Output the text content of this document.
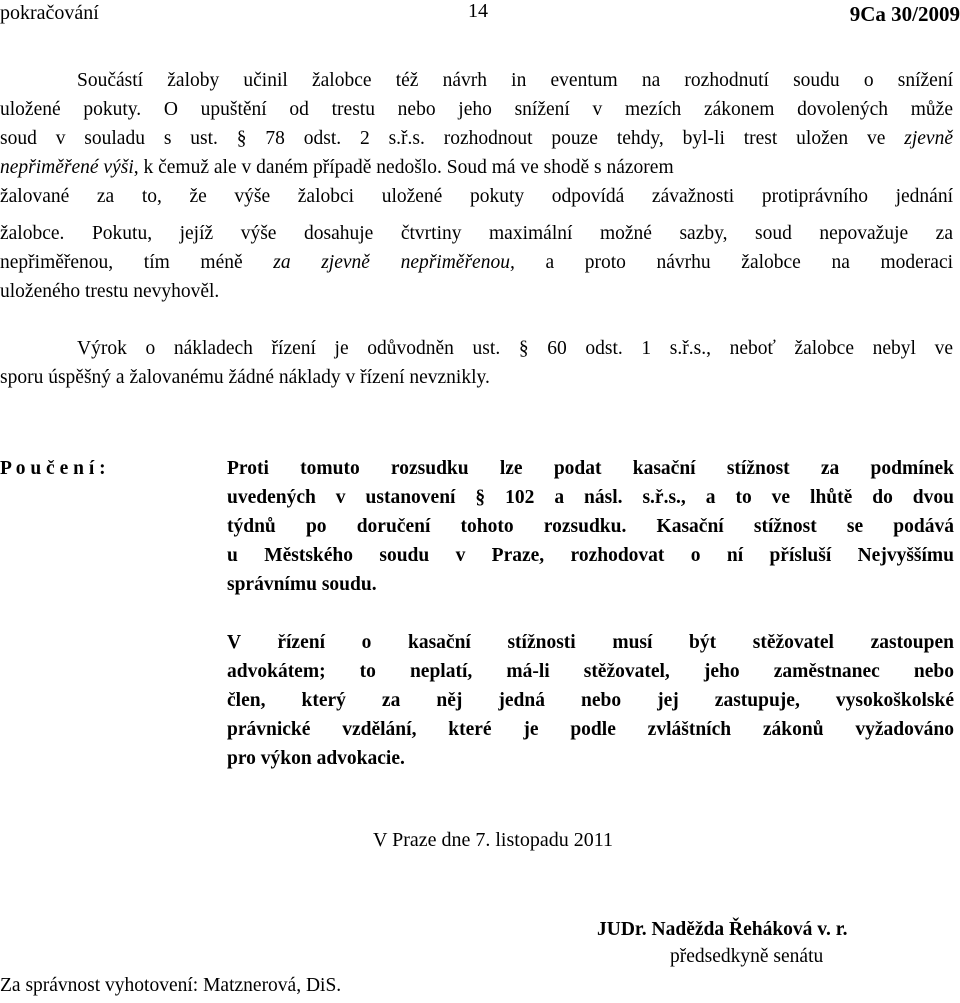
pokračování	14	9Ca 30/2009
Součástí žaloby učinil žalobce též návrh in eventum na rozhodnutí soudu o snížení
uložené pokuty. O upuštění od trestu nebo jeho snížení v mezích zákonem dovolených může
soud v souladu s ust. § 78 odst. 2 s.ř.s. rozhodnout pouze tehdy, byl-li trest uložen ve zjevně
nepřiměřené výši, k čemuž ale v daném případě nedošlo. Soud má ve shodě s názorem
žalované za to, že výše žalobci uložené pokuty odpovídá závažnosti protiprávního jednání
žalobce. Pokutu, jejíž výše dosahuje čtvrtiny maximální možné sazby, soud nepovažuje za
nepřiměřenou, tím méně za zjevně nepřiměřenou, a proto návrhu žalobce na moderaci
uloženého trestu nevyhověl.
Výrok o nákladech řízení je odůvodněn ust. § 60 odst. 1 s.ř.s., neboť žalobce nebyl ve
sporu úspěšný a žalovanému žádné náklady v řízení nevznikly.
P o u č e n í :	Proti tomuto rozsudku lze podat kasační stížnost za podmínek
uvedených v ustanovení § 102 a násl. s.ř.s., a to ve lhůtě do dvou
týdnů po doručení tohoto rozsudku. Kasační stížnost se podává
u Městského soudu v Praze, rozhodovat o ní přísluší Nejvyššímu
správnímu soudu.
V řízení o kasační stížnosti musí být stěžovatel zastoupen
advokátem; to neplatí, má-li stěžovatel, jeho zaměstnanec nebo
člen, který za něj jedná nebo jej zastupuje, vysokoškolské
právnické vzdělání, které je podle zvláštních zákonů vyžadováno
pro výkon advokacie.
V Praze dne 7. listopadu 2011
JUDr. Naděžda Řeháková v. r.
předsedkyně senátu
Za správnost vyhotovení: Matznerová, DiS.
